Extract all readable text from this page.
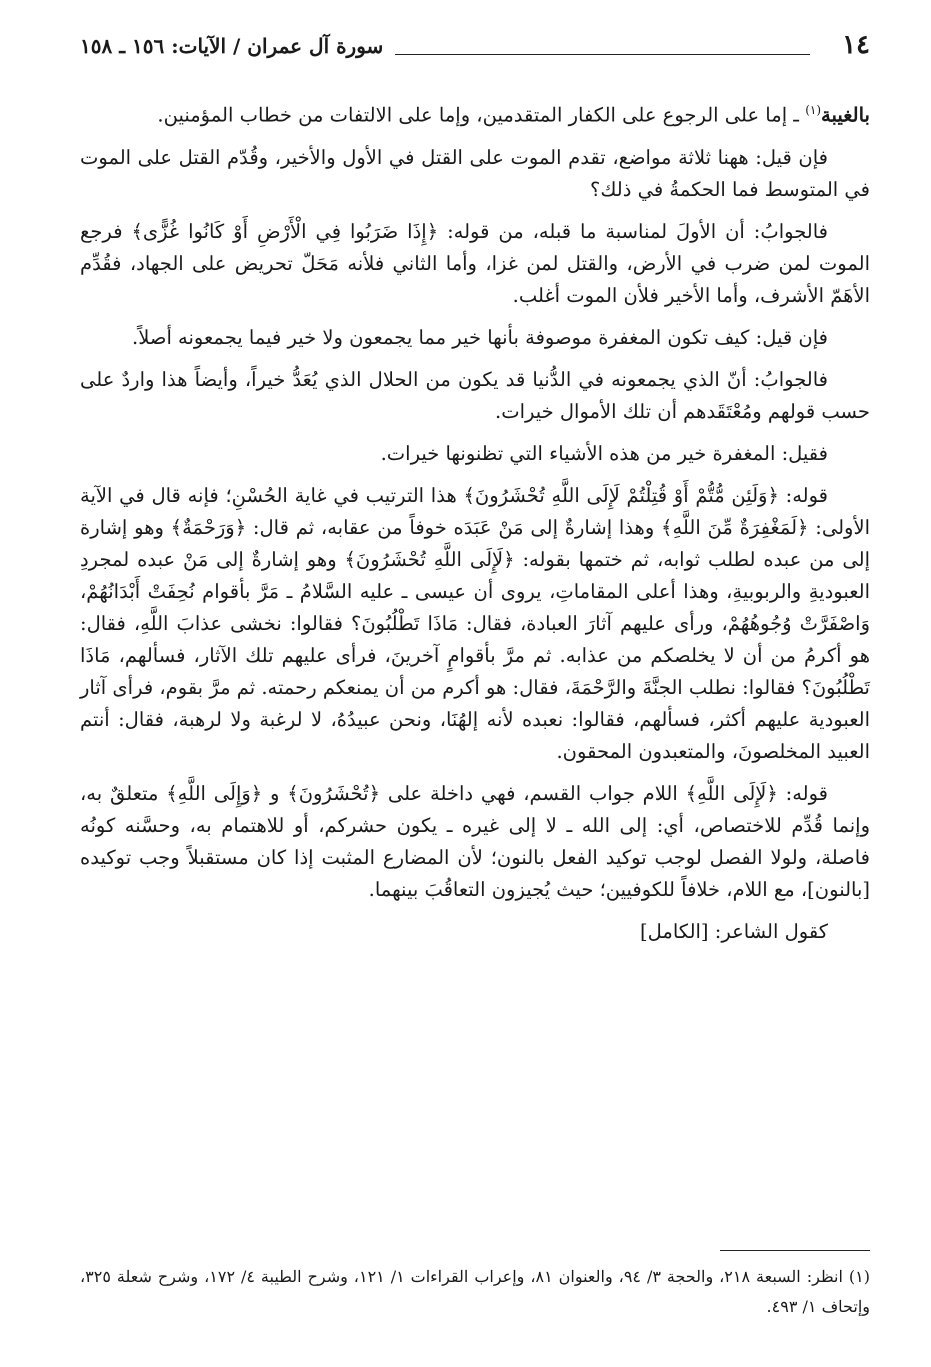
١٤
سورة آل عمران / الآيات: ١٥٦ ـ ١٥٨

بالغيبة$^{(١)}$ ـ إما على الرجوع على الكفار المتقدمين، وإما على الالتفات من خطاب المؤمنين.

فإن قيل: ههنا ثلاثة مواضع، تقدم الموت على القتل في الأول والأخير، وقُدّم القتل على الموت في المتوسط فما الحكمةُ في ذلك؟

فالجوابُ: أن الأولَ لمناسبة ما قبله، من قوله: ﴿إِذَا ضَرَبُوا فِي الْأَرْضِ أَوْ كَانُوا غُزًّى﴾ فرجع الموت لمن ضرب في الأرض، والقتل لمن غزا، وأما الثاني فلأنه مَحَلّ تحريض على الجهاد، فقُدِّم الأهَمّ الأشرف، وأما الأخير فلأن الموت أغلب.

فإن قيل: كيف تكون المغفرة موصوفة بأنها خير مما يجمعون ولا خير فيما يجمعونه أصلاً.

فالجوابُ: أنّ الذي يجمعونه في الدُّنيا قد يكون من الحلال الذي يُعَدُّ خيراً، وأيضاً هذا واردٌ على حسب قولهم ومُعْتَقَدهم أن تلك الأموال خيرات.

فقيل: المغفرة خير من هذه الأشياء التي تظنونها خيرات.

قوله: ﴿وَلَئِن مُّتُّمْ أَوْ قُتِلْتُمْ لَإِلَى اللَّهِ تُحْشَرُونَ﴾ هذا الترتيب في غاية الحُسْنِ؛ فإنه قال في الآية الأولى: ﴿لَمَغْفِرَةٌ مِّنَ اللَّهِ﴾ وهذا إشارةٌ إلى مَنْ عَبَدَه خوفاً من عقابه، ثم قال: ﴿وَرَحْمَةٌ﴾ وهو إشارة إلى من عبده لطلب ثوابه، ثم ختمها بقوله: ﴿لَإِلَى اللَّهِ تُحْشَرُونَ﴾ وهو إشارةٌ إلى مَنْ عبده لمجردِ العبوديةِ والربوبيةِ، وهذا أعلى المقاماتِ، يروى أن عيسى ـ عليه السَّلامُ ـ مَرَّ بأقوام نُحِفَتْ أَبْدَانُهُمْ، وَاصْفَرَّتْ وُجُوهُهُمْ، ورأى عليهم آثارَ العبادة، فقال: مَاذَا تَطْلُبُونَ؟ فقالوا: نخشى عذابَ اللَّهِ، فقال: هو أكرمُ من أن لا يخلصكم من عذابه. ثم مرَّ بأقوامٍ آخرينَ، فرأى عليهم تلك الآثار، فسألهم، مَاذَا تَطْلُبُونَ؟ فقالوا: نطلب الجنَّةَ والرَّحْمَةَ، فقال: هو أكرم من أن يمنعكم رحمته. ثم مرَّ بقوم، فرأى آثار العبودية عليهم أكثر، فسألهم، فقالوا: نعبده لأنه إلهُنَا، ونحن عبيدُهُ، لا لرغبة ولا لرهبة، فقال: أنتم العبيد المخلصونَ، والمتعبدون المحقون.

قوله: ﴿لَإِلَى اللَّهِ﴾ اللام جواب القسم، فهي داخلة على ﴿تُحْشَرُونَ﴾ و ﴿وَإِلَى اللَّهِ﴾ متعلقٌ به، وإنما قُدِّم للاختصاص، أي: إلى الله ـ لا إلى غيره ـ يكون حشركم، أو للاهتمام به، وحسَّنه كونُه فاصلة، ولولا الفصل لوجب توكيد الفعل بالنون؛ لأن المضارع المثبت إذا كان مستقبلاً وجب توكيده [بالنون]، مع اللام، خلافاً للكوفيين؛ حيث يُجيزون التعاقُبَ بينهما.

كقول الشاعر: [الكامل]

(١) انظر: السبعة ٢١٨، والحجة ٣/ ٩٤، والعنوان ٨١، وإعراب القراءات ١/ ١٢١، وشرح الطيبة ٤/ ١٧٢، وشرح شعلة ٣٢٥، وإتحاف ١/ ٤٩٣.
